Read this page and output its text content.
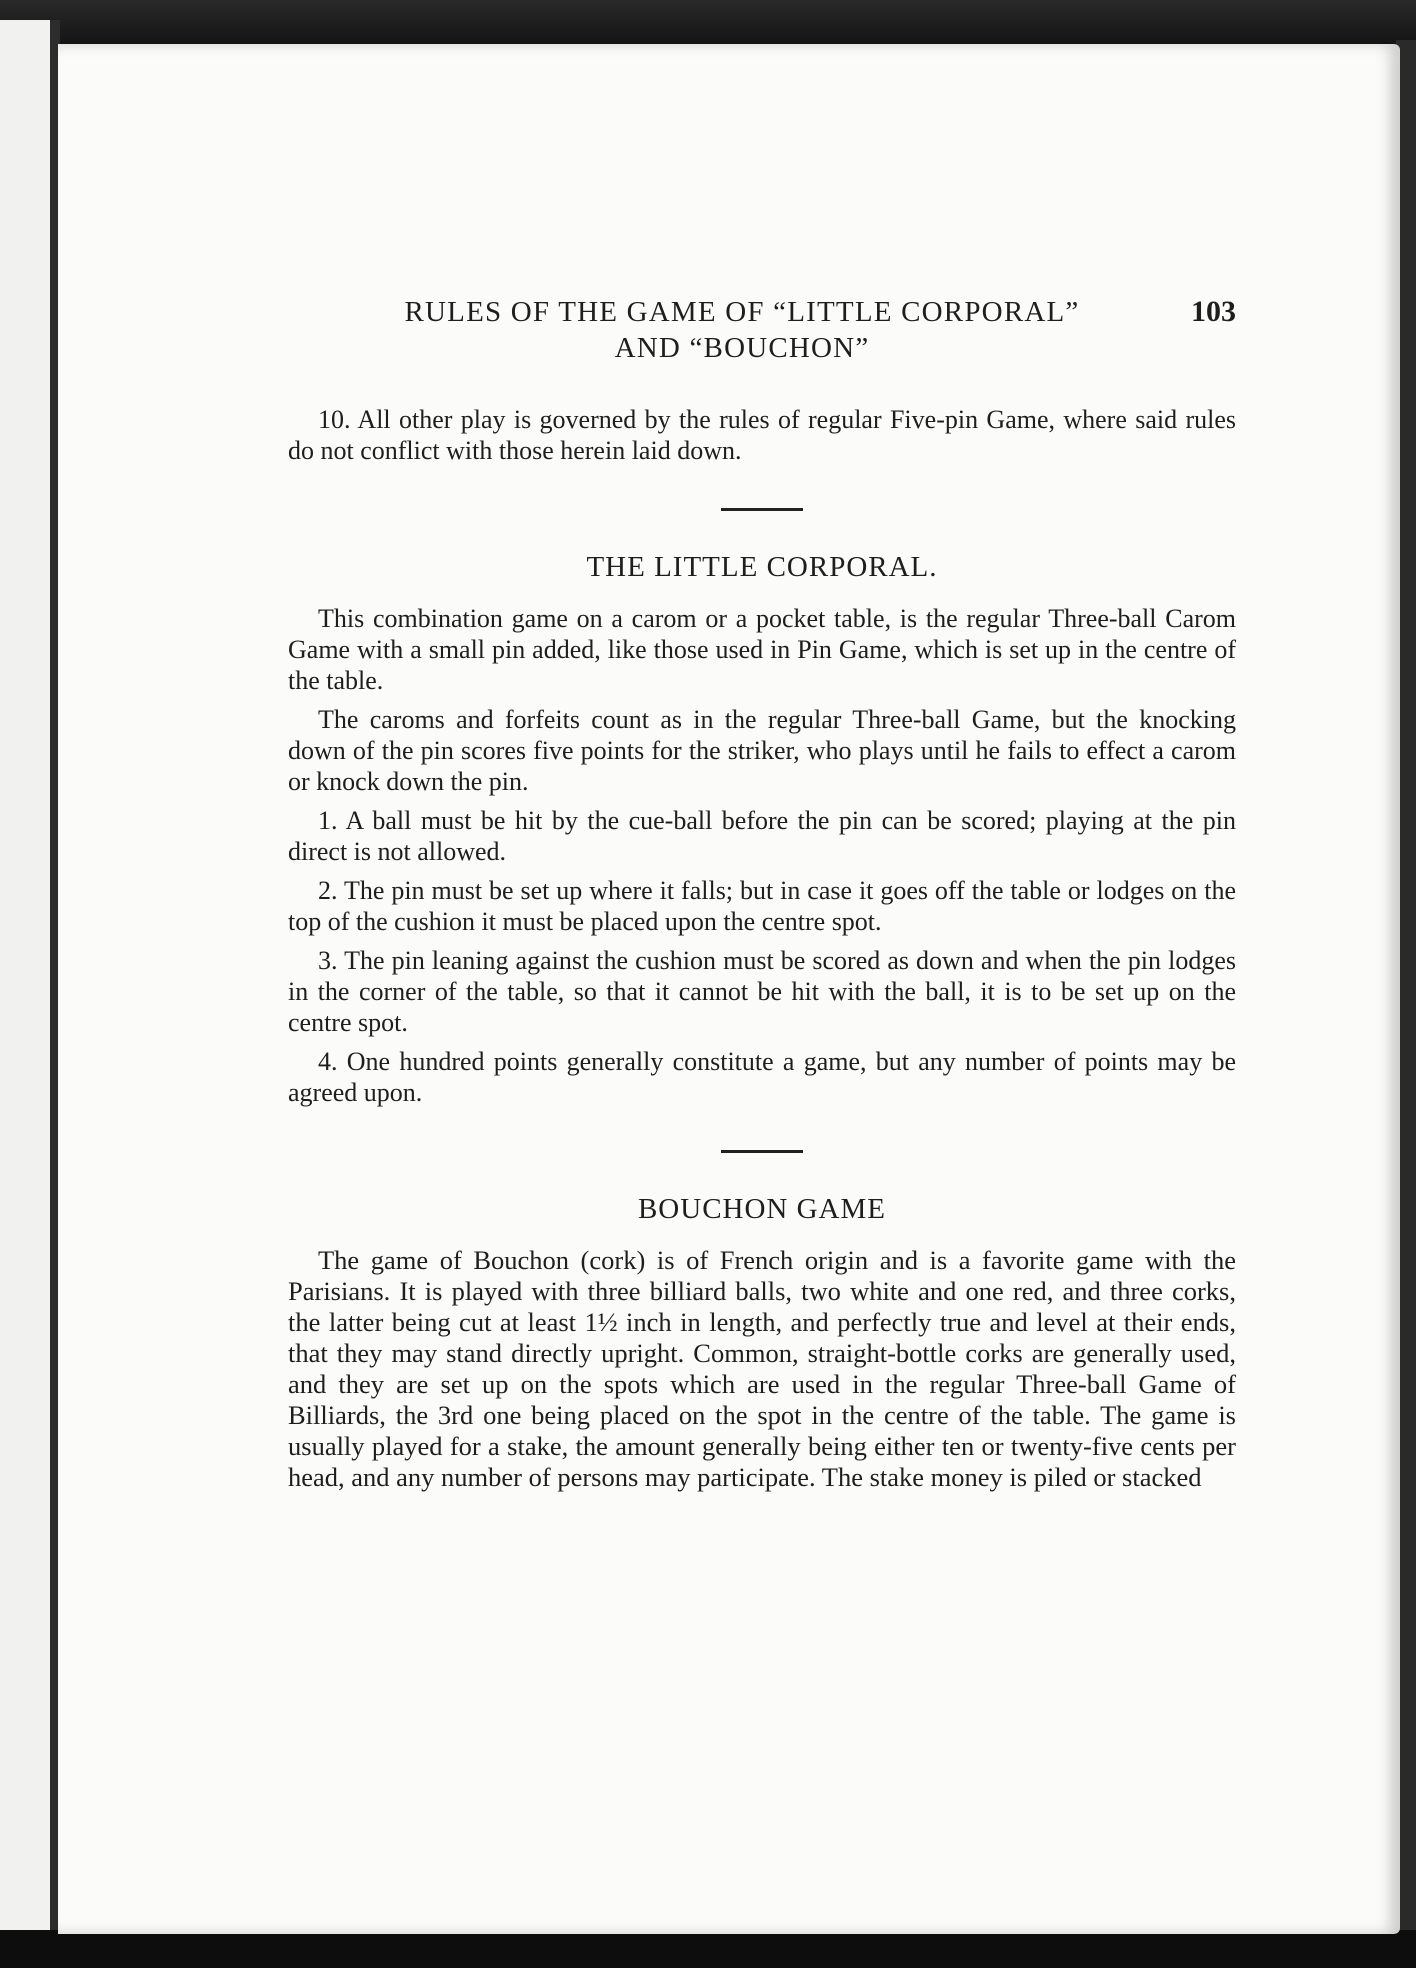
RULES OF THE GAME OF “LITTLE CORPORAL”
AND “BOUCHON”
103

10. All other play is governed by the rules of regular Five-pin Game, where said rules do not conflict with those herein laid down.

THE LITTLE CORPORAL.

This combination game on a carom or a pocket table, is the regular Three-ball Carom Game with a small pin added, like those used in Pin Game, which is set up in the centre of the table.

The caroms and forfeits count as in the regular Three-ball Game, but the knocking down of the pin scores five points for the striker, who plays until he fails to effect a carom or knock down the pin.

1. A ball must be hit by the cue-ball before the pin can be scored; playing at the pin direct is not allowed.

2. The pin must be set up where it falls; but in case it goes off the table or lodges on the top of the cushion it must be placed upon the centre spot.

3. The pin leaning against the cushion must be scored as down and when the pin lodges in the corner of the table, so that it cannot be hit with the ball, it is to be set up on the centre spot.

4. One hundred points generally constitute a game, but any number of points may be agreed upon.

BOUCHON GAME

The game of Bouchon (cork) is of French origin and is a favorite game with the Parisians. It is played with three billiard balls, two white and one red, and three corks, the latter being cut at least 1½ inch in length, and perfectly true and level at their ends, that they may stand directly upright. Common, straight-bottle corks are generally used, and they are set up on the spots which are used in the regular Three-ball Game of Billiards, the 3rd one being placed on the spot in the centre of the table. The game is usually played for a stake, the amount generally being either ten or twenty-five cents per head, and any number of persons may participate. The stake money is piled or stacked
